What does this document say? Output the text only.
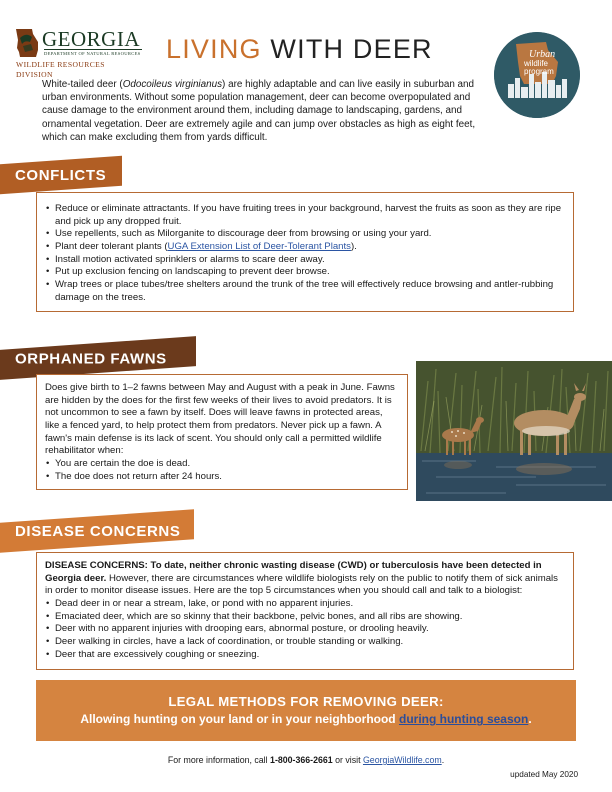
GEORGIA
DEPARTMENT OF NATURAL RESOURCES
WILDLIFE RESOURCES DIVISION
LIVING WITH DEER	Urban
wildlife
program

White-tailed deer (Odocoileus virginianus) are highly adaptable and can live easily in suburban and urban environments. Without some population management, deer can become overpopulated and cause damage to the environment around them, including damage to landscaping, gardens, and ornamental vegetation. Deer are extremely agile and can jump over obstacles as high as eight feet, which can make excluding them from yards difficult.

CONFLICTS
• Reduce or eliminate attractants. If you have fruiting trees in your background, harvest the fruits as soon as they are ripe and pick up any dropped fruit.
• Use repellents, such as Milorganite to discourage deer from browsing or using your yard.
• Plant deer tolerant plants (UGA Extension List of Deer-Tolerant Plants).
• Install motion activated sprinklers or alarms to scare deer away.
• Put up exclusion fencing on landscaping to prevent deer browse.
• Wrap trees or place tubes/tree shelters around the trunk of the tree will effectively reduce browsing and antler-rubbing damage on the trees.
ORPHANED FAWNS

Does give birth to 1–2 fawns between May and August with a peak in June. Fawns are hidden by the does for the first few weeks of their lives to avoid predators. It is not uncommon to see a fawn by itself. Does will leave fawns in protected areas, like a fenced yard, to help protect them from predators. Never pick up a fawn. A fawn's main defense is its lack of scent. You should only call a permitted wildlife rehabilitator when:

• You are certain the doe is dead.
• The doe does not return after 24 hours.
DISEASE CONCERNS

DISEASE CONCERNS: To date, neither chronic wasting disease (CWD) or tuberculosis have been detected in Georgia deer. However, there are circumstances where wildlife biologists rely on the public to notify them of sick animals in order to monitor disease issues. Here are the top 5 circumstances when you should call and talk to a biologist:

• Dead deer in or near a stream, lake, or pond with no apparent injuries.
• Emaciated deer, which are so skinny that their backbone, pelvic bones, and all ribs are showing.
• Deer with no apparent injuries with drooping ears, abnormal posture, or drooling heavily.
• Deer walking in circles, have a lack of coordination, or trouble standing or walking.
• Deer that are excessively coughing or sneezing.
LEGAL METHODS FOR REMOVING DEER:
Allowing hunting on your land or in your neighborhood during hunting season.
For more information, call 1-800-366-2661 or visit GeorgiaWildlife.com.
updated May 2020
